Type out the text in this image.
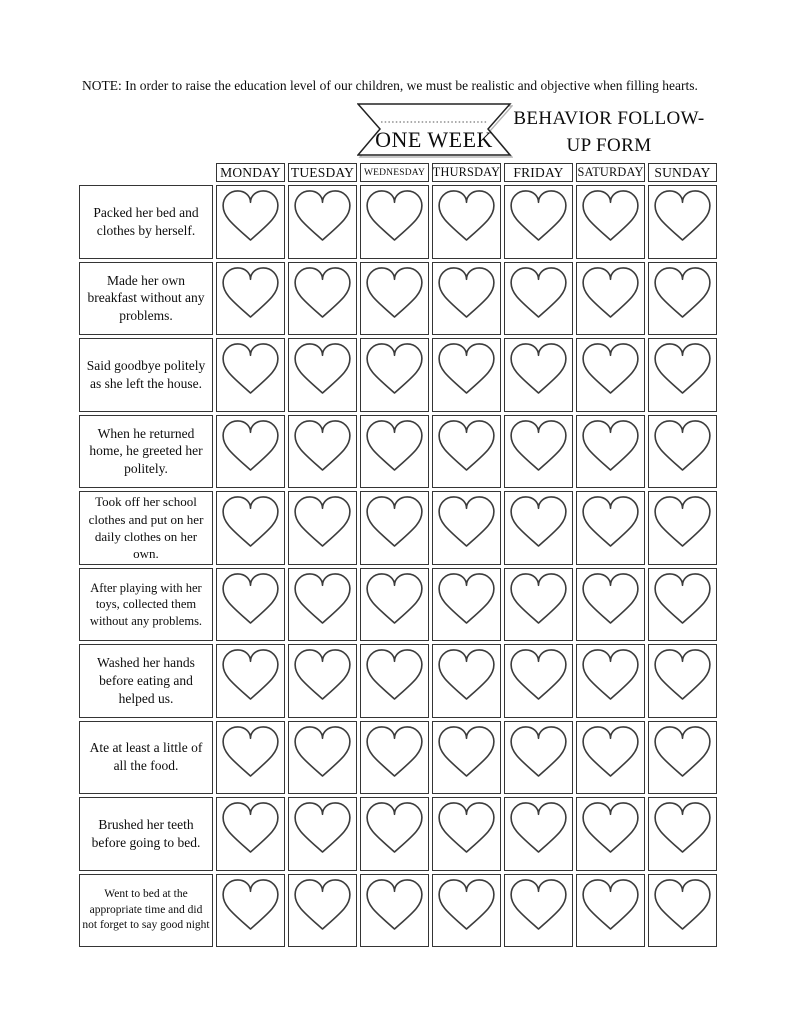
NOTE: In order to raise the education level of our children, we must be realistic and objective when filling hearts.
ONE WEEK
BEHAVIOR FOLLOW-
UP FORM
MONDAY TUESDAY	WEDNESDAY THURSDAY FRIDAY	SATURDAY SUNDAY
Packed her bed and clothes by herself.
Made her own breakfast without any problems.
Said goodbye politely as she left the house.
When he returned home, he greeted her politely.
Took off her school clothes and put on her daily clothes on her own.
After playing with her toys, collected them without any problems.
Washed her hands before eating and helped us.
Ate at least a little of all the food.
Brushed her teeth before going to bed.
Went to bed at the appropriate time and did not forget to say good night
